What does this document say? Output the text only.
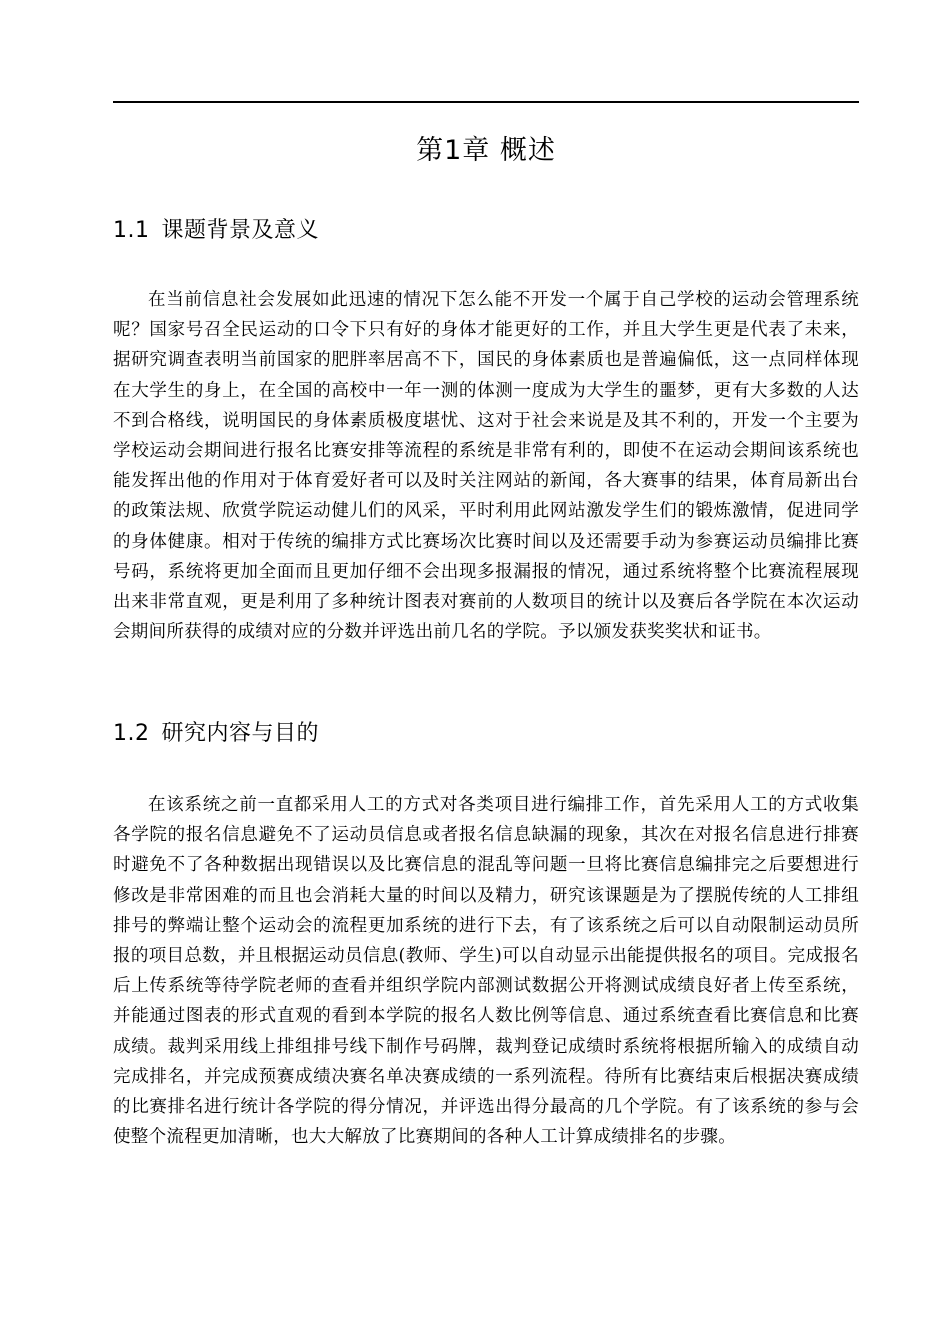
第1章 概述
1.1 课题背景及意义

在当前信息社会发展如此迅速的情况下怎么能不开发一个属于自己学校的运动会管理系统呢？国家号召全民运动的口令下只有好的身体才能更好的工作，并且大学生更是代表了未来，据研究调查表明当前国家的肥胖率居高不下，国民的身体素质也是普遍偏低，这一点同样体现在大学生的身上，在全国的高校中一年一测的体测一度成为大学生的噩梦，更有大多数的人达不到合格线，说明国民的身体素质极度堪忧、这对于社会来说是及其不利的，开发一个主要为学校运动会期间进行报名比赛安排等流程的系统是非常有利的，即使不在运动会期间该系统也能发挥出他的作用对于体育爱好者可以及时关注网站的新闻，各大赛事的结果，体育局新出台的政策法规、欣赏学院运动健儿们的风采，平时利用此网站激发学生们的锻炼激情，促进同学的身体健康。相对于传统的编排方式比赛场次比赛时间以及还需要手动为参赛运动员编排比赛号码，系统将更加全面而且更加仔细不会出现多报漏报的情况，通过系统将整个比赛流程展现出来非常直观，更是利用了多种统计图表对赛前的人数项目的统计以及赛后各学院在本次运动会期间所获得的成绩对应的分数并评选出前几名的学院。予以颁发获奖奖状和证书。

1.2 研究内容与目的

在该系统之前一直都采用人工的方式对各类项目进行编排工作，首先采用人工的方式收集各学院的报名信息避免不了运动员信息或者报名信息缺漏的现象，其次在对报名信息进行排赛时避免不了各种数据出现错误以及比赛信息的混乱等问题一旦将比赛信息编排完之后要想进行修改是非常困难的而且也会消耗大量的时间以及精力，研究该课题是为了摆脱传统的人工排组排号的弊端让整个运动会的流程更加系统的进行下去，有了该系统之后可以自动限制运动员所报的项目总数，并且根据运动员信息(教师、学生)可以自动显示出能提供报名的项目。完成报名后上传系统等待学院老师的查看并组织学院内部测试数据公开将测试成绩良好者上传至系统，并能通过图表的形式直观的看到本学院的报名人数比例等信息、通过系统查看比赛信息和比赛成绩。裁判采用线上排组排号线下制作号码牌，裁判登记成绩时系统将根据所输入的成绩自动完成排名，并完成预赛成绩决赛名单决赛成绩的一系列流程。待所有比赛结束后根据决赛成绩的比赛排名进行统计各学院的得分情况，并评选出得分最高的几个学院。有了该系统的参与会使整个流程更加清晰，也大大解放了比赛期间的各种人工计算成绩排名的步骤。
